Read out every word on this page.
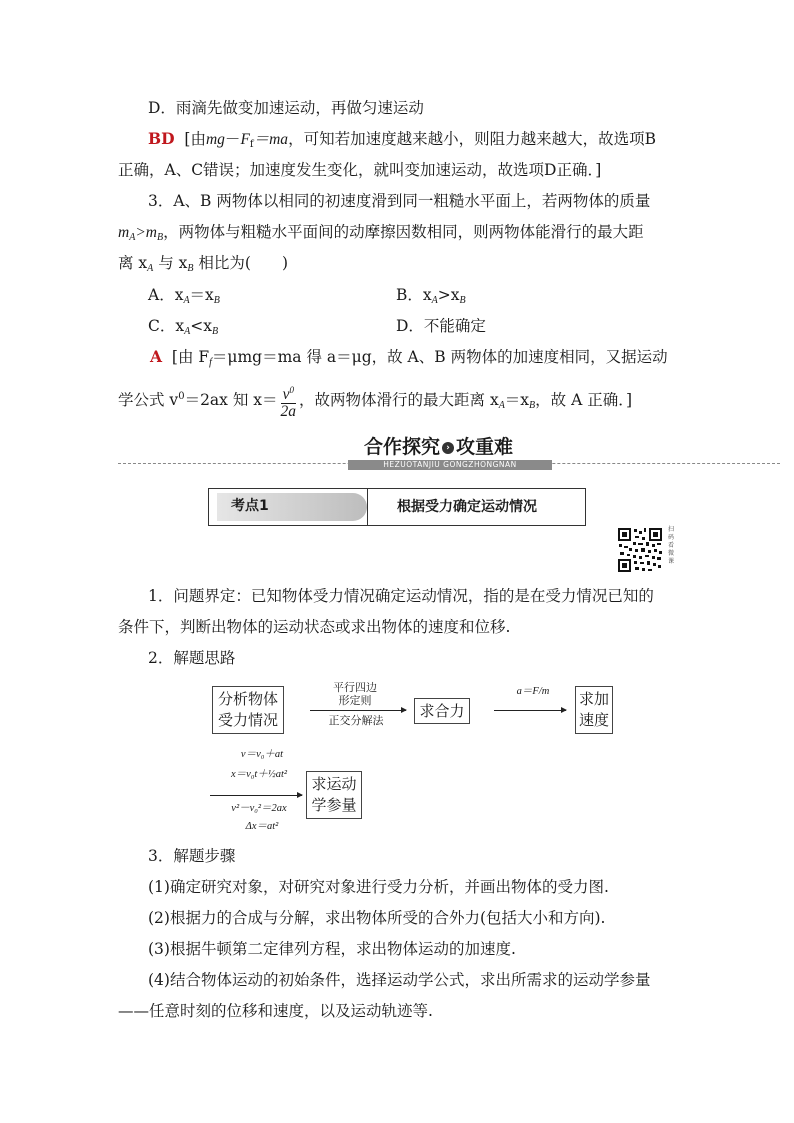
D．雨滴先做变加速运动，再做匀速运动
BD [由$mg-F_f=ma$，可知若加速度越来越小，则阻力越来越大，故选项B
正确，A、C错误；加速度发生变化，就叫变加速运动，故选项D正确．]
3．A、B 两物体以相同的初速度滑到同一粗糙水平面上，若两物体的质量
$m_A>m_B$，两物体与粗糙水平面间的动摩擦因数相同，则两物体能滑行的最大距
离 $x_A$ 与 $x_B$ 相比为(　　)
A．$x_A=x_B$	B．$x_A>x_B$
C．$x_A<x_B$	D．不能确定
A [由 $F_f=\mu mg=ma$ 得 a＝μg，故 A、B 两物体的加速度相同，又据运动
学公式 $v^0=2ax$ 知 $x= \frac{v^0}{2a}$ ，故两物体滑行的最大距离 $x_A=x_B$，故 A 正确．]
合作探究 › 攻重难
HEZUOTANJIU GONGZHONGNAN
考点1	根据受力确定运动情况
扫码看微课
1．问题界定：已知物体受力情况确定运动情况，指的是在受力情况已知的
条件下，判断出物体的运动状态或求出物体的速度和位移.
2．解题思路
分析物体
受力情况
平行四边
形定则
正交分解法
求合力
a＝F/m	求加
速度
v＝v₀＋at
x＝v₀t＋½at²
v²－v₀²＝2ax
Δx＝at²
求运动
学参量
3．解题步骤
(1)确定研究对象，对研究对象进行受力分析，并画出物体的受力图.
(2)根据力的合成与分解，求出物体所受的合外力(包括大小和方向).
(3)根据牛顿第二定律列方程，求出物体运动的加速度.
(4)结合物体运动的初始条件，选择运动学公式，求出所需求的运动学参量
——任意时刻的位移和速度，以及运动轨迹等.
